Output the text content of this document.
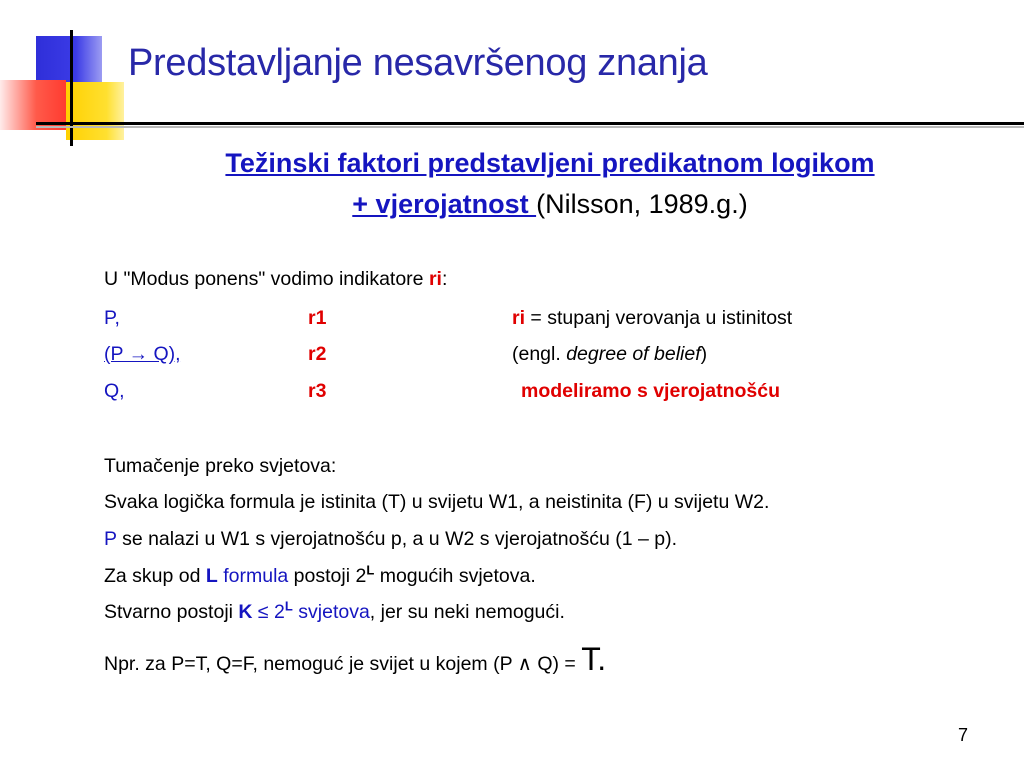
Predstavljanje nesavršenog znanja
Težinski faktori predstavljeni predikatnom logikom
+ vjerojatnost (Nilsson, 1989.g.)
U "Modus ponens" vodimo indikatore ri:
P,
(P → Q),
Q,
r1
r2
r3
ri = stupanj verovanja u istinitost
(engl. degree of belief)
modeliramo s vjerojatnošću
Tumačenje preko svjetova:
Svaka logička formula je istinita (T) u svijetu W1, a neistinita (F) u svijetu W2.
P se nalazi u W1 s vjerojatnošću p, a u W2 s vjerojatnošću (1 – p).
Za skup od L formula postoji $2^L$ mogućih svjetova.
Stvarno postoji $K \le 2^L$ svjetova, jer su neki nemogući.
Npr. za P=T, Q=F, nemoguć je svijet u kojem (P ∧ Q) = T.
7
